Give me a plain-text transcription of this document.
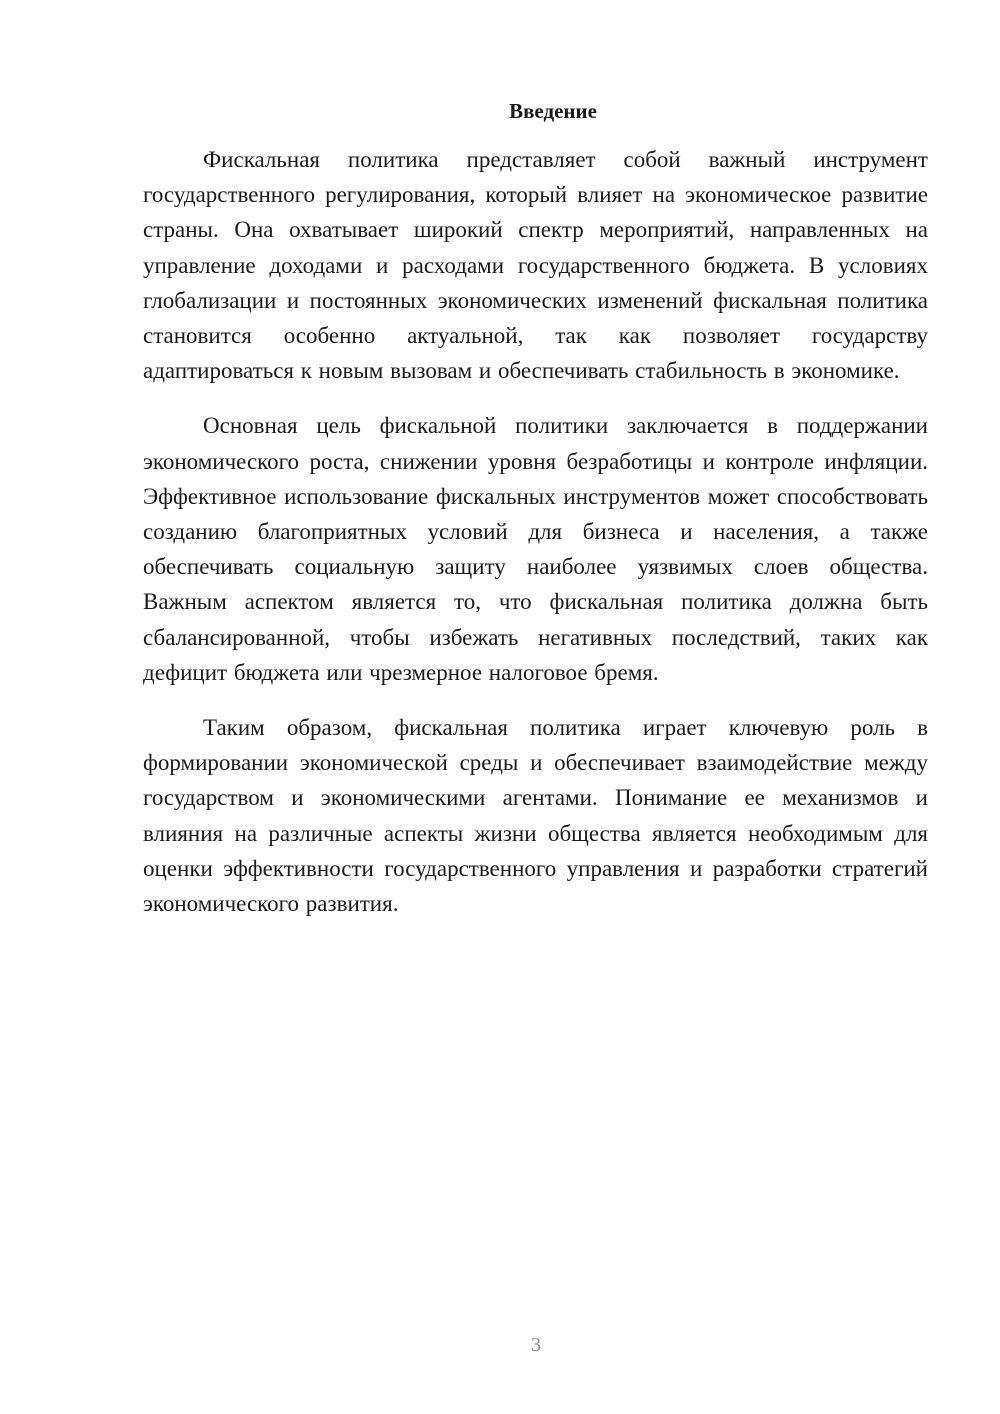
Введение

Фискальная политика представляет собой важный инструмент государственного регулирования, который влияет на экономическое развитие страны. Она охватывает широкий спектр мероприятий, направленных на управление доходами и расходами государственного бюджета. В условиях глобализации и постоянных экономических изменений фискальная политика становится особенно актуальной, так как позволяет государству адаптироваться к новым вызовам и обеспечивать стабильность в экономике.

Основная цель фискальной политики заключается в поддержании экономического роста, снижении уровня безработицы и контроле инфляции. Эффективное использование фискальных инструментов может способствовать созданию благоприятных условий для бизнеса и населения, а также обеспечивать социальную защиту наиболее уязвимых слоев общества. Важным аспектом является то, что фискальная политика должна быть сбалансированной, чтобы избежать негативных последствий, таких как дефицит бюджета или чрезмерное налоговое бремя.

Таким образом, фискальная политика играет ключевую роль в формировании экономической среды и обеспечивает взаимодействие между государством и экономическими агентами. Понимание ее механизмов и влияния на различные аспекты жизни общества является необходимым для оценки эффективности государственного управления и разработки стратегий экономического развития.

3
